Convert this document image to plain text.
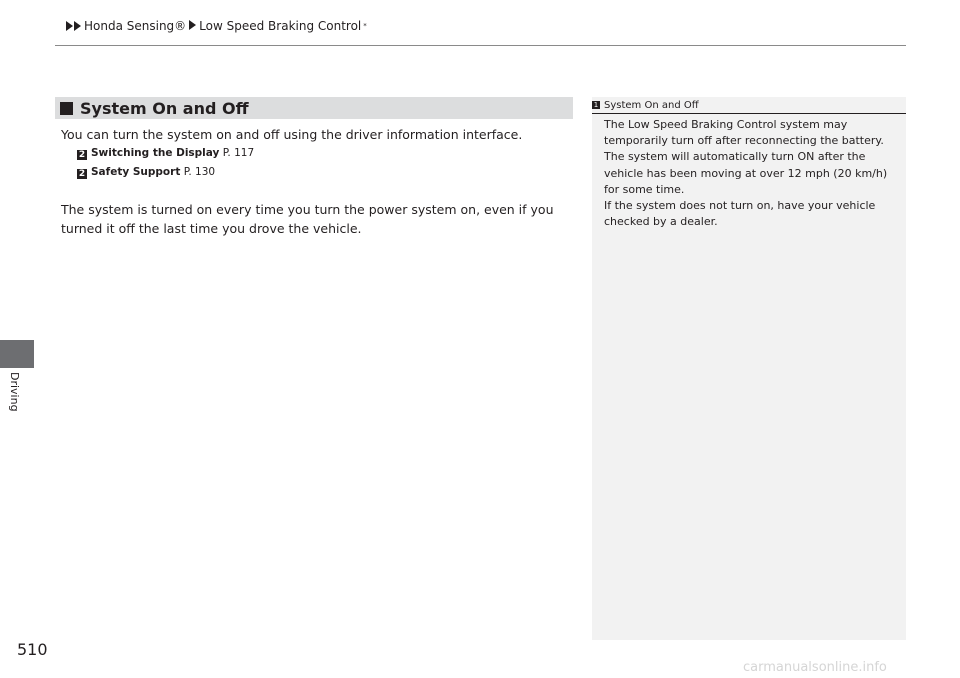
Honda Sensing® Low Speed Braking Control *
Driving
System On and Off
You can turn the system on and off using the driver information interface.
2 Switching the Display P. 117
2 Safety Support P. 130
The system is turned on every time you turn the power system on, even if you turned it off the last time you drove the vehicle.
1 System On and Off

The Low Speed Braking Control system may temporarily turn off after reconnecting the battery. The system will automatically turn ON after the vehicle has been moving at over 12 mph (20 km/h) for some time.

If the system does not turn on, have your vehicle checked by a dealer.

510
carmanualsonline.info
